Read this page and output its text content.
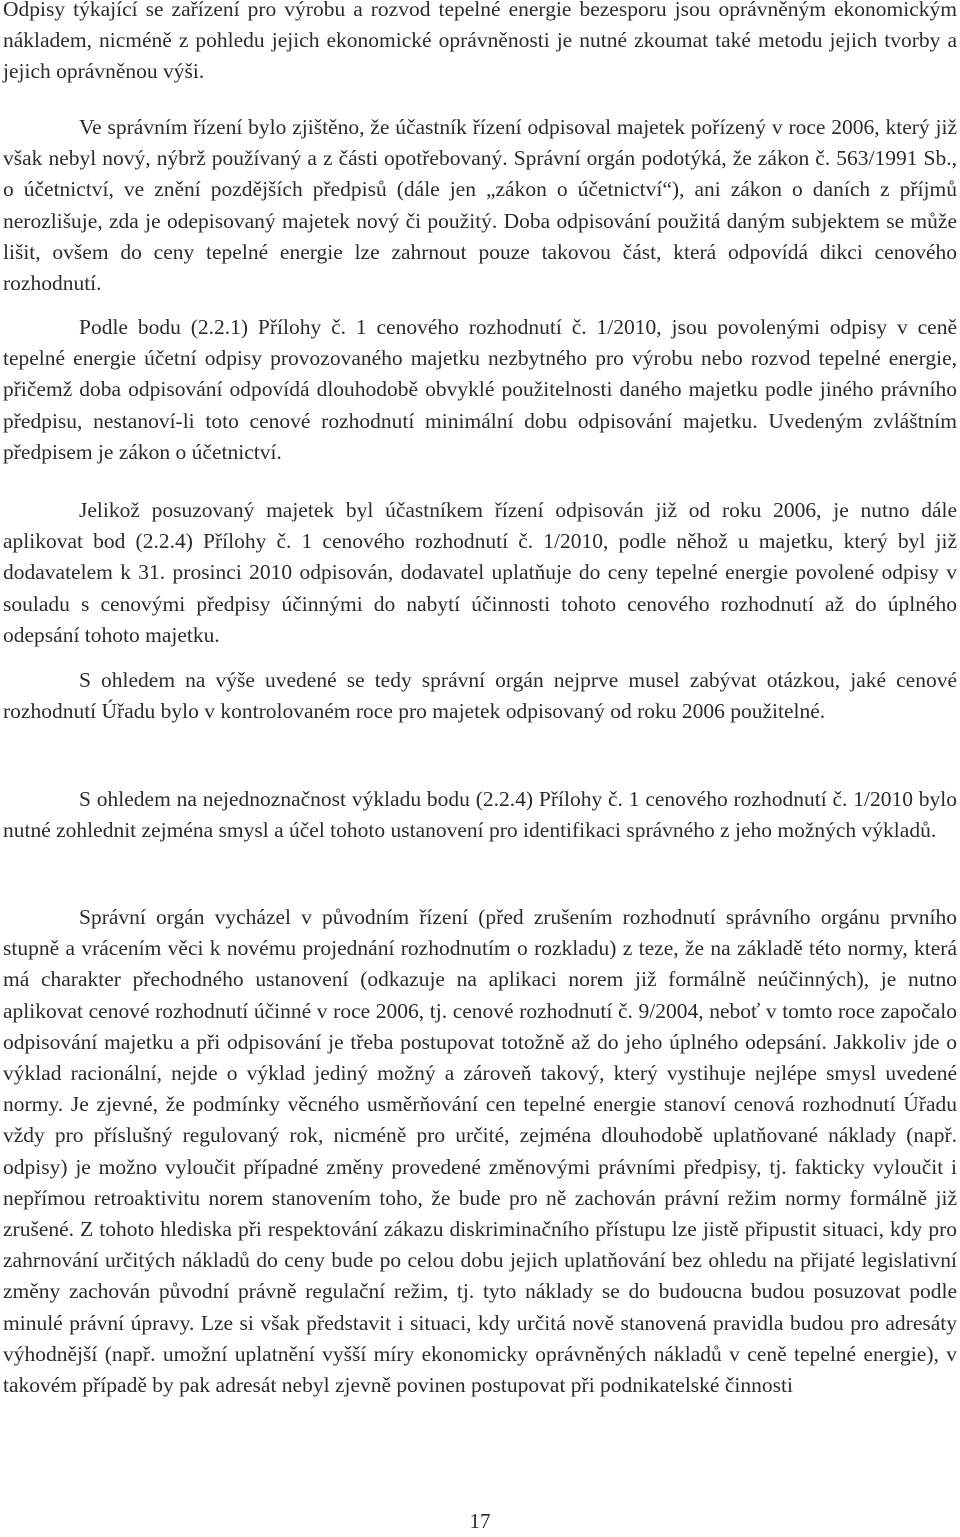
Odpisy týkající se zařízení pro výrobu a rozvod tepelné energie bezesporu jsou oprávněným ekonomickým nákladem, nicméně z pohledu jejich ekonomické oprávněnosti je nutné zkoumat také metodu jejich tvorby a jejich oprávněnou výši.

Ve správním řízení bylo zjištěno, že účastník řízení odpisoval majetek pořízený v roce 2006, který již však nebyl nový, nýbrž používaný a z části opotřebovaný. Správní orgán podotýká, že zákon č. 563/1991 Sb., o účetnictví, ve znění pozdějších předpisů (dále jen „zákon o účetnictví“), ani zákon o daních z příjmů nerozlišuje, zda je odepisovaný majetek nový či použitý. Doba odpisování použitá daným subjektem se může lišit, ovšem do ceny tepelné energie lze zahrnout pouze takovou část, která odpovídá dikci cenového rozhodnutí.

Podle bodu (2.2.1) Přílohy č. 1 cenového rozhodnutí č. 1/2010, jsou povolenými odpisy v ceně tepelné energie účetní odpisy provozovaného majetku nezbytného pro výrobu nebo rozvod tepelné energie, přičemž doba odpisování odpovídá dlouhodobě obvyklé použitelnosti daného majetku podle jiného právního předpisu, nestanoví-li toto cenové rozhodnutí minimální dobu odpisování majetku. Uvedeným zvláštním předpisem je zákon o účetnictví.

Jelikož posuzovaný majetek byl účastníkem řízení odpisován již od roku 2006, je nutno dále aplikovat bod (2.2.4) Přílohy č. 1 cenového rozhodnutí č. 1/2010, podle něhož u majetku, který byl již dodavatelem k 31. prosinci 2010 odpisován, dodavatel uplatňuje do ceny tepelné energie povolené odpisy v souladu s cenovými předpisy účinnými do nabytí účinnosti tohoto cenového rozhodnutí až do úplného odepsání tohoto majetku.

S ohledem na výše uvedené se tedy správní orgán nejprve musel zabývat otázkou, jaké cenové rozhodnutí Úřadu bylo v kontrolovaném roce pro majetek odpisovaný od roku 2006 použitelné.

S ohledem na nejednoznačnost výkladu bodu (2.2.4) Přílohy č. 1 cenového rozhodnutí č. 1/2010 bylo nutné zohlednit zejména smysl a účel tohoto ustanovení pro identifikaci správného z jeho možných výkladů.

Správní orgán vycházel v původním řízení (před zrušením rozhodnutí správního orgánu prvního stupně a vrácením věci k novému projednání rozhodnutím o rozkladu) z teze, že na základě této normy, která má charakter přechodného ustanovení (odkazuje na aplikaci norem již formálně neúčinných), je nutno aplikovat cenové rozhodnutí účinné v roce 2006, tj. cenové rozhodnutí č. 9/2004, neboť v tomto roce započalo odpisování majetku a při odpisování je třeba postupovat totožně až do jeho úplného odepsání. Jakkoliv jde o výklad racionální, nejde o výklad jediný možný a zároveň takový, který vystihuje nejlépe smysl uvedené normy. Je zjevné, že podmínky věcného usměrňování cen tepelné energie stanoví cenová rozhodnutí Úřadu vždy pro příslušný regulovaný rok, nicméně pro určité, zejména dlouhodobě uplatňované náklady (např. odpisy) je možno vyloučit případné změny provedené změnovými právními předpisy, tj. fakticky vyloučit i nepřímou retroaktivitu norem stanovením toho, že bude pro ně zachován právní režim normy formálně již zrušené. Z tohoto hlediska při respektování zákazu diskriminačního přístupu lze jistě připustit situaci, kdy pro zahrnování určitých nákladů do ceny bude po celou dobu jejich uplatňování bez ohledu na přijaté legislativní změny zachován původní právně regulační režim, tj. tyto náklady se do budoucna budou posuzovat podle minulé právní úpravy. Lze si však představit i situaci, kdy určitá nově stanovená pravidla budou pro adresáty výhodnější (např. umožní uplatnění vyšší míry ekonomicky oprávněných nákladů v ceně tepelné energie), v takovém případě by pak adresát nebyl zjevně povinen postupovat při podnikatelské činnosti

17
